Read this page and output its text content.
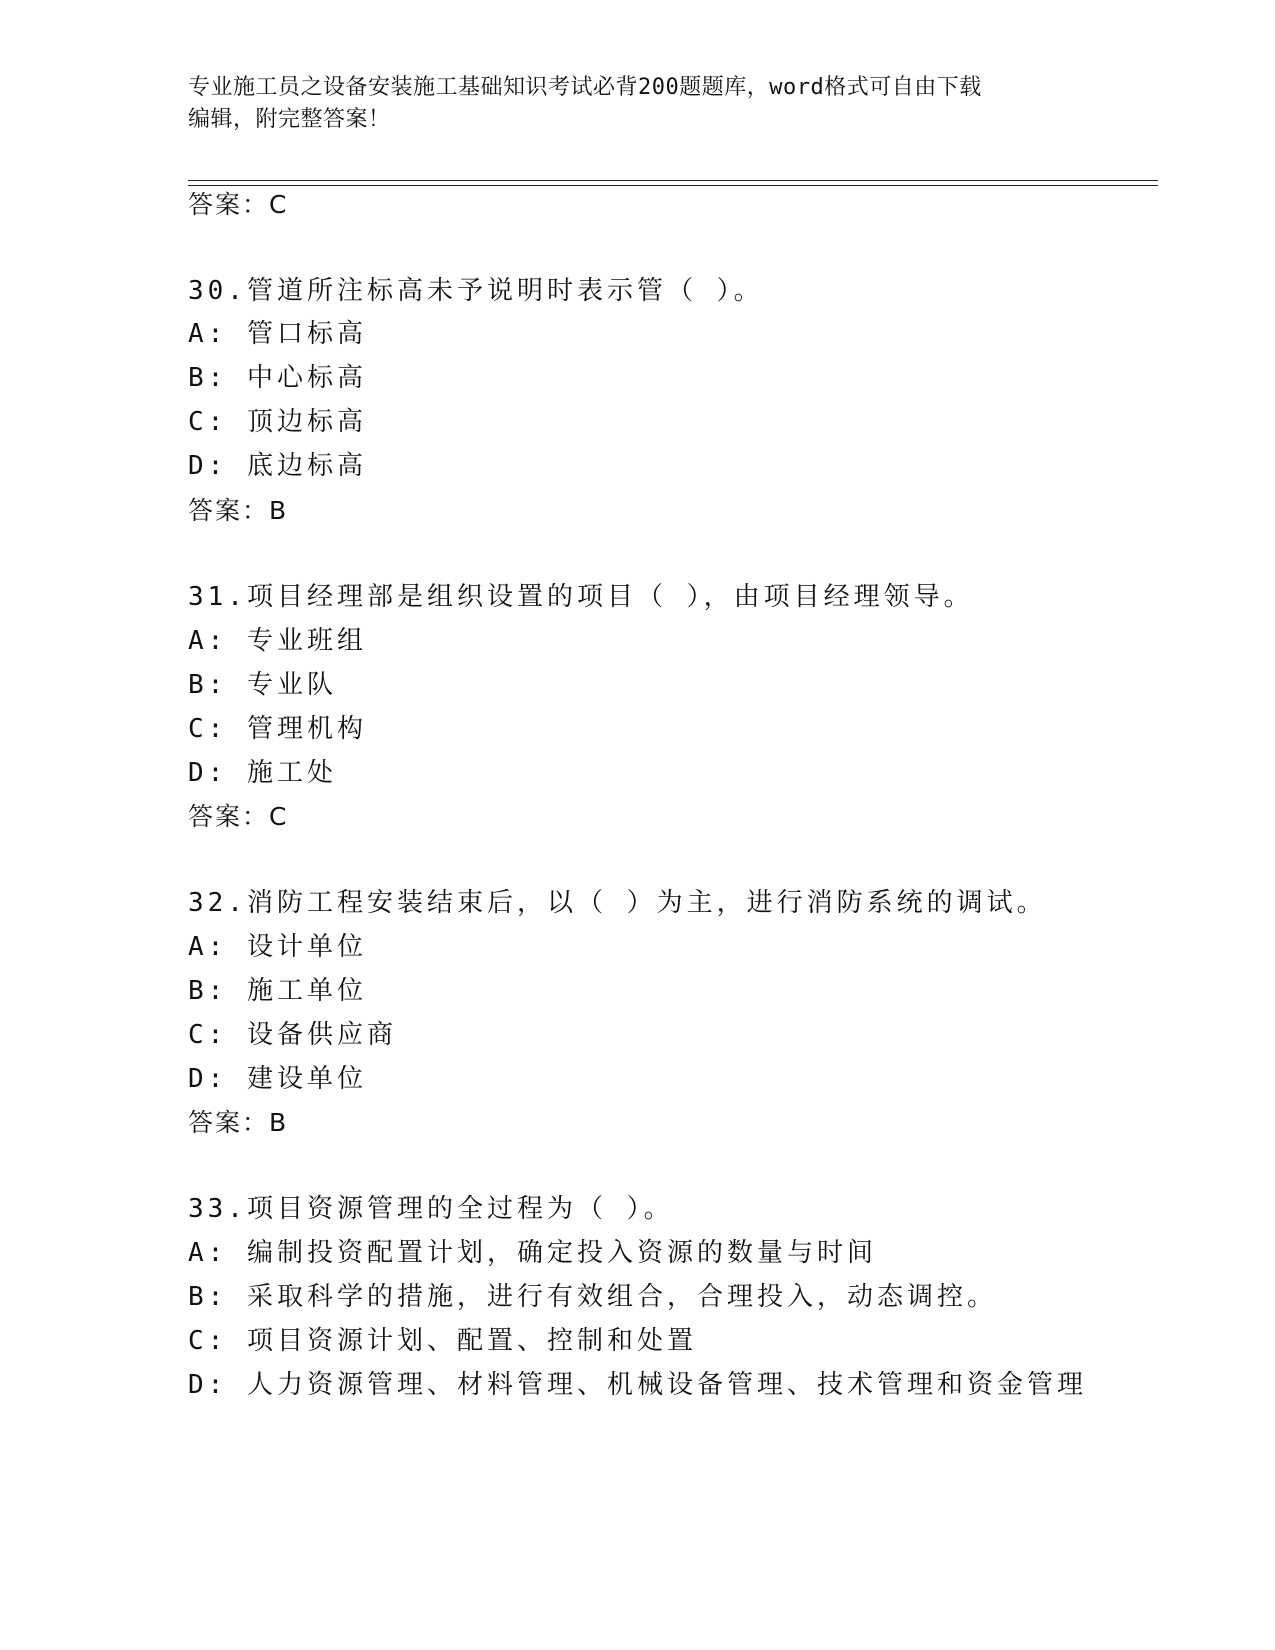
专业施工员之设备安装施工基础知识考试必背200题题库，word格式可自由下载
编辑，附完整答案！
答案：C
30.管道所注标高未予说明时表示管（ ）。
A: 管口标高
B: 中心标高
C: 顶边标高
D: 底边标高
答案：B
31.项目经理部是组织设置的项目（ ），由项目经理领导。
A: 专业班组
B: 专业队
C: 管理机构
D: 施工处
答案：C
32.消防工程安装结束后，以（ ）为主，进行消防系统的调试。
A: 设计单位
B: 施工单位
C: 设备供应商
D: 建设单位
答案：B
33.项目资源管理的全过程为（ ）。
A: 编制投资配置计划，确定投入资源的数量与时间
B: 采取科学的措施，进行有效组合，合理投入，动态调控。
C: 项目资源计划、配置、控制和处置
D: 人力资源管理、材料管理、机械设备管理、技术管理和资金管理
